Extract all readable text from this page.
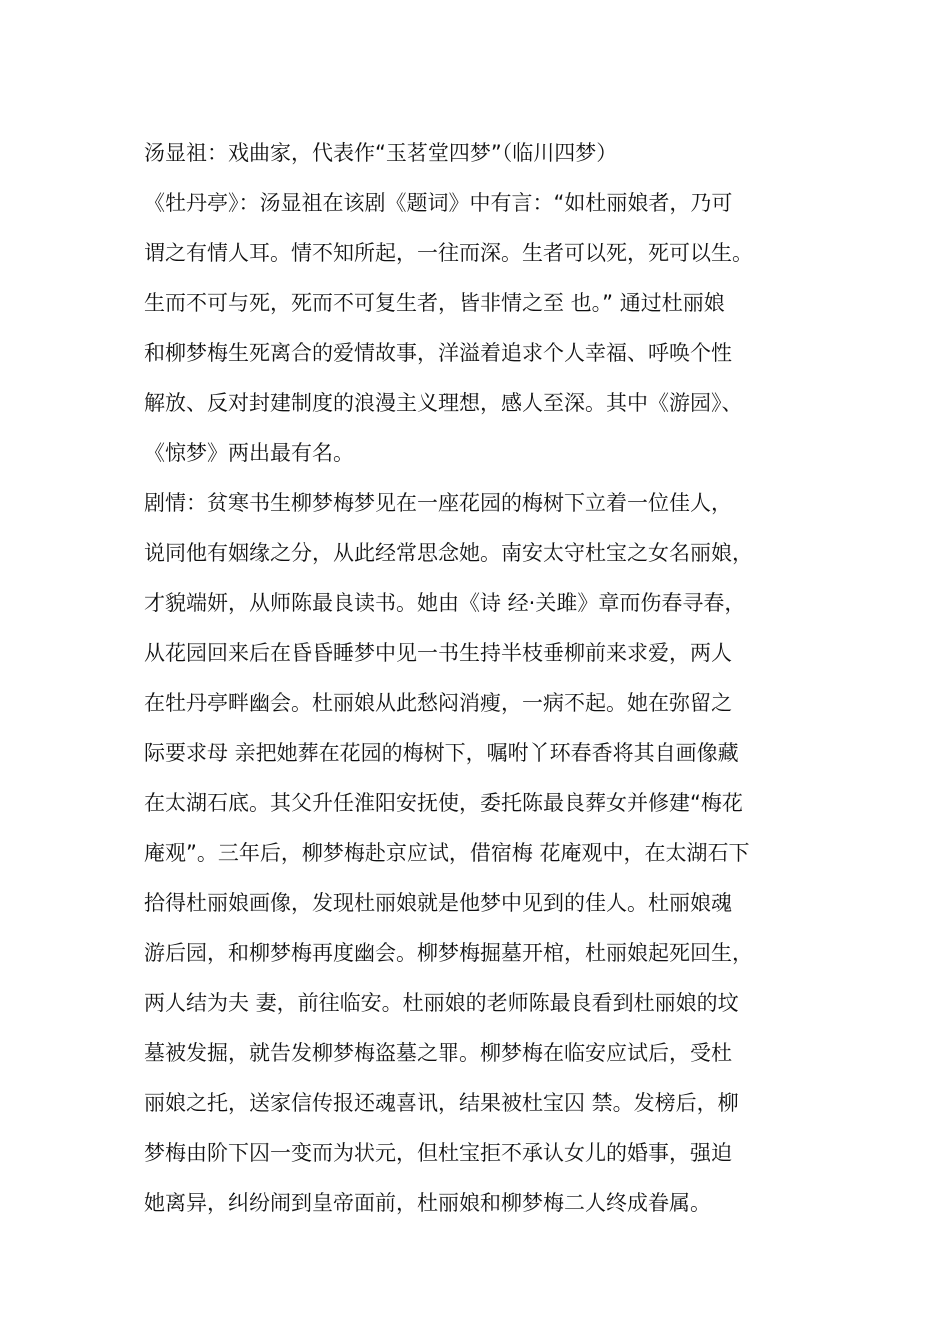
汤显祖：戏曲家，代表作“玉茗堂四梦”（临川四梦）
《牡丹亭》：汤显祖在该剧《题词》中有言：“如杜丽娘者，乃可
谓之有情人耳。情不知所起，一往而深。生者可以死，死可以生。
生而不可与死，死而不可复生者，皆非情之至 也。” 通过杜丽娘
和柳梦梅生死离合的爱情故事，洋溢着追求个人幸福、呼唤个性
解放、反对封建制度的浪漫主义理想，感人至深。其中《游园》、
《惊梦》两出最有名。
剧情：贫寒书生柳梦梅梦见在一座花园的梅树下立着一位佳人，
说同他有姻缘之分，从此经常思念她。南安太守杜宝之女名丽娘，
才貌端妍，从师陈最良读书。她由《诗 经·关雎》章而伤春寻春，
从花园回来后在昏昏睡梦中见一书生持半枝垂柳前来求爱，两人
在牡丹亭畔幽会。杜丽娘从此愁闷消瘦，一病不起。她在弥留之
际要求母 亲把她葬在花园的梅树下，嘱咐丫环春香将其自画像藏
在太湖石底。其父升任淮阳安抚使，委托陈最良葬女并修建“梅花
庵观”。三年后，柳梦梅赴京应试，借宿梅 花庵观中，在太湖石下
拾得杜丽娘画像，发现杜丽娘就是他梦中见到的佳人。杜丽娘魂
游后园，和柳梦梅再度幽会。柳梦梅掘墓开棺，杜丽娘起死回生，
两人结为夫 妻，前往临安。杜丽娘的老师陈最良看到杜丽娘的坟
墓被发掘，就告发柳梦梅盗墓之罪。柳梦梅在临安应试后，受杜
丽娘之托，送家信传报还魂喜讯，结果被杜宝囚 禁。发榜后，柳
梦梅由阶下囚一变而为状元，但杜宝拒不承认女儿的婚事，强迫
她离异，纠纷闹到皇帝面前，杜丽娘和柳梦梅二人终成眷属。
